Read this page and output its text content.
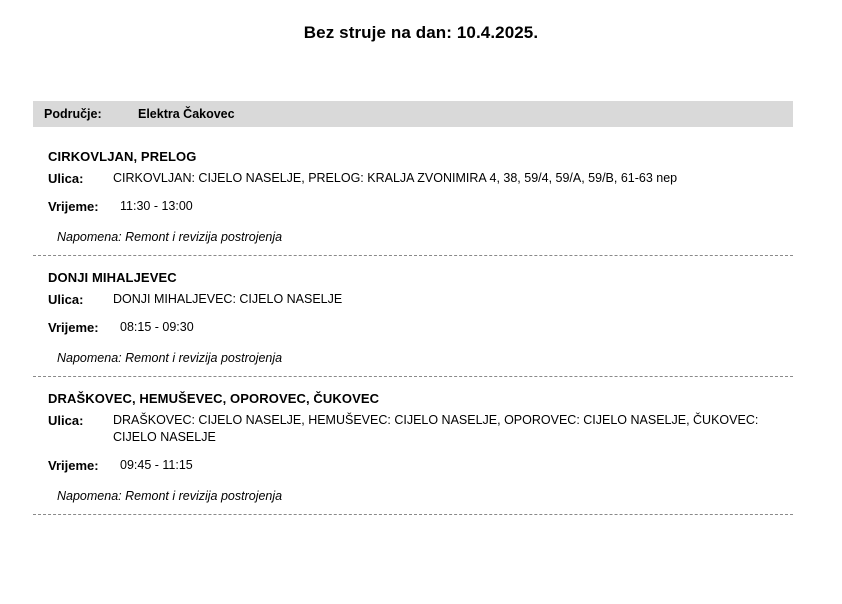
Bez struje na dan: 10.4.2025.
Područje:	Elektra Čakovec
CIRKOVLJAN, PRELOG
Ulica:	CIRKOVLJAN: CIJELO NASELJE, PRELOG: KRALJA ZVONIMIRA 4, 38, 59/4, 59/A, 59/B, 61-63 nep
Vrijeme:	11:30 - 13:00
Napomena: Remont i revizija postrojenja
DONJI MIHALJEVEC
Ulica:	DONJI MIHALJEVEC: CIJELO NASELJE
Vrijeme:	08:15 - 09:30
Napomena: Remont i revizija postrojenja
DRAŠKOVEC, HEMUŠEVEC, OPOROVEC, ČUKOVEC
Ulica:	DRAŠKOVEC: CIJELO NASELJE, HEMUŠEVEC: CIJELO NASELJE, OPOROVEC: CIJELO NASELJE, ČUKOVEC: CIJELO NASELJE
Vrijeme:	09:45 - 11:15
Napomena: Remont i revizija postrojenja
